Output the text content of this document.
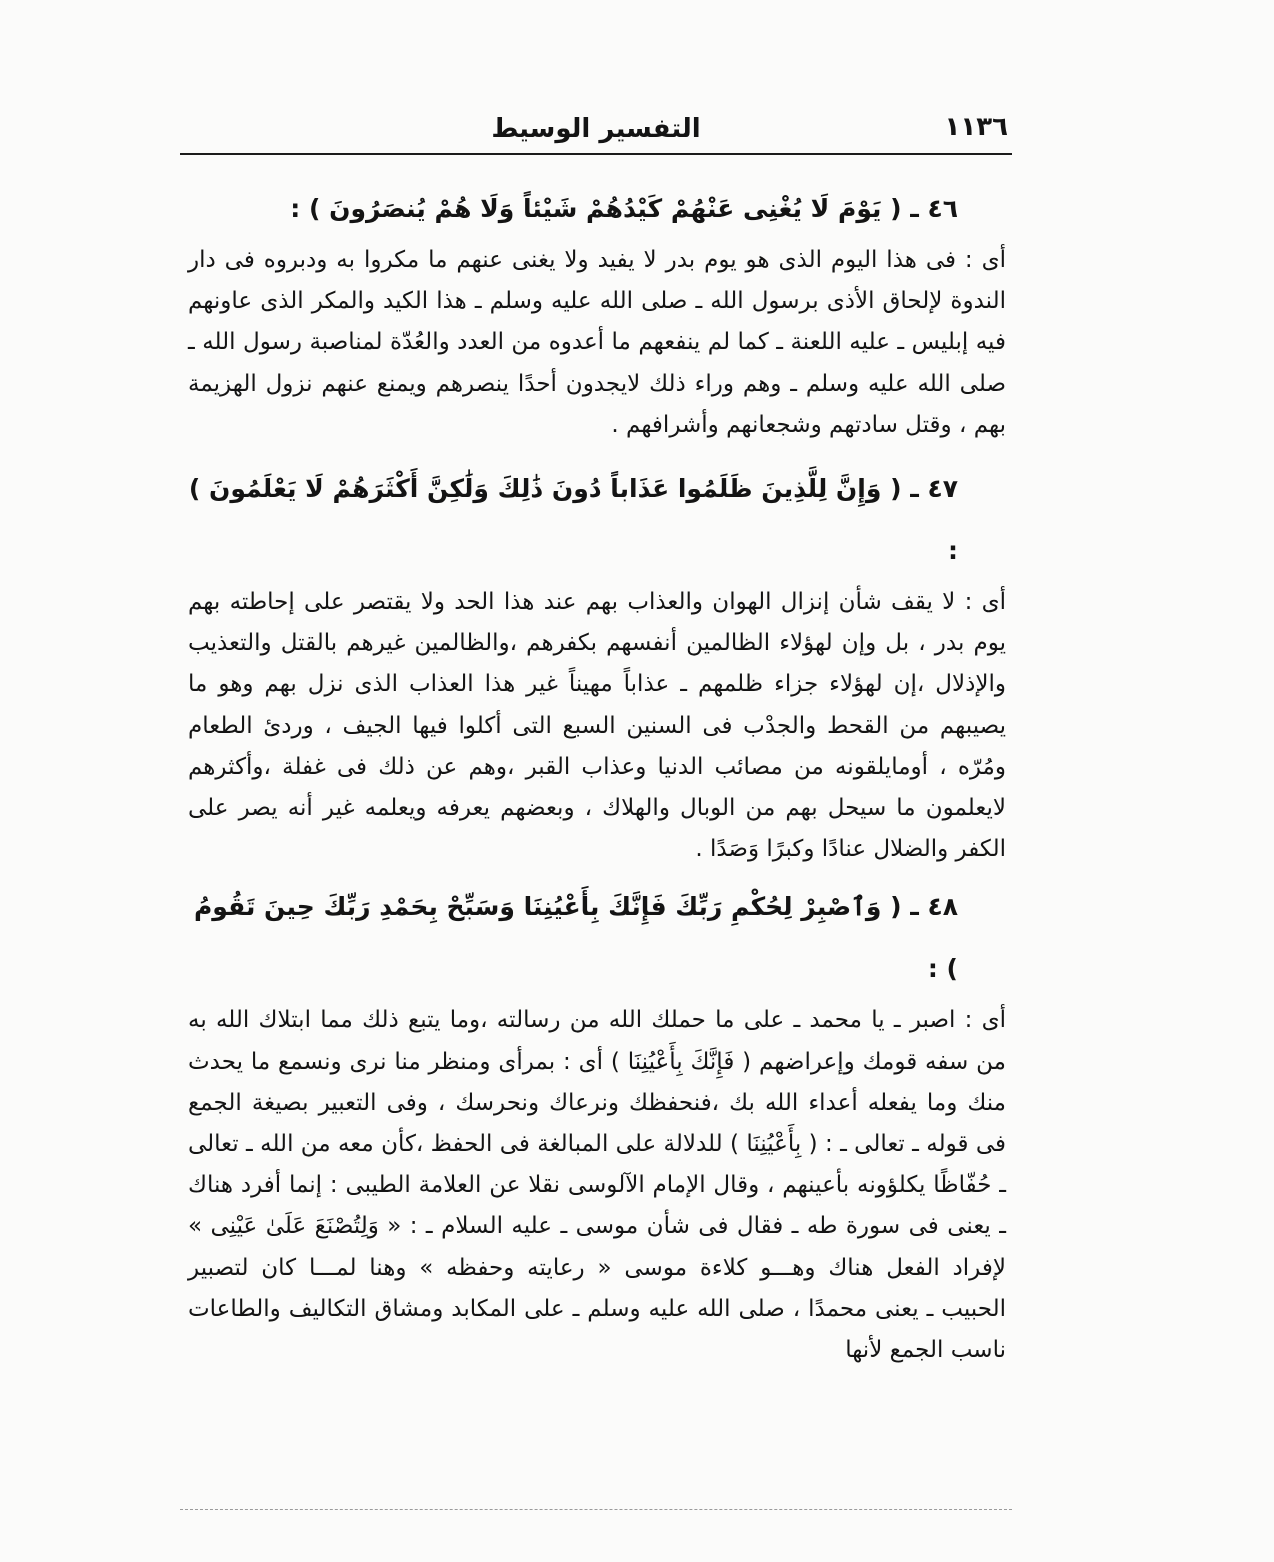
١١٣٦
التفسير الوسيط

٤٦ ـ ( يَوْمَ لَا يُغْنِى عَنْهُمْ كَيْدُهُمْ شَيْئاً وَلَا هُمْ يُنصَرُونَ ) :

أى : فى هذا اليوم الذى هو يوم بدر لا يفيد ولا يغنى عنهم ما مكروا به ودبروه فى دار الندوة لإلحاق الأذى برسول الله ـ صلى الله عليه وسلم ـ هذا الكيد والمكر الذى عاونهم فيه إبليس ـ عليه اللعنة ـ كما لم ينفعهم ما أعدوه من العدد والعُدّة لمناصبة رسول الله ـ صلى الله عليه وسلم ـ وهم وراء ذلك لايجدون أحدًا ينصرهم ويمنع عنهم نزول الهزيمة بهم ، وقتل سادتهم وشجعانهم وأشرافهم .

٤٧ ـ ( وَإِنَّ لِلَّذِينَ ظَلَمُوا عَذَاباً دُونَ ذَٰلِكَ وَلَٰكِنَّ أَكْثَرَهُمْ لَا يَعْلَمُونَ ) :

أى : لا يقف شأن إنزال الهوان والعذاب بهم عند هذا الحد ولا يقتصر على إحاطته بهم يوم بدر ، بل وإن لهؤلاء الظالمين أنفسهم بكفرهم ،والظالمين غيرهم بالقتل والتعذيب والإذلال ،إن لهؤلاء جزاء ظلمهم ـ عذاباً مهيناً غير هذا العذاب الذى نزل بهم وهو ما يصيبهم من القحط والجدْب فى السنين السبع التى أكلوا فيها الجيف ، وردئ الطعام ومُرّه ، أومايلقونه من مصائب الدنيا وعذاب القبر ،وهم عن ذلك فى غفلة ،وأكثرهم لايعلمون ما سيحل بهم من الوبال والهلاك ، وبعضهم يعرفه ويعلمه غير أنه يصر على الكفر والضلال عنادًا وكبرًا وَصَدًا .

٤٨ ـ ( وَٱصْبِرْ لِحُكْمِ رَبِّكَ فَإِنَّكَ بِأَعْيُنِنَا وَسَبِّحْ بِحَمْدِ رَبِّكَ حِينَ تَقُومُ ) :

أى : اصبر ـ يا محمد ـ على ما حملك الله من رسالته ،وما يتبع ذلك مما ابتلاك الله به من سفه قومك وإعراضهم ( فَإِنَّكَ بِأَعْيُنِنَا ) أى : بمرأى ومنظر منا نرى ونسمع ما يحدث منك وما يفعله أعداء الله بك ،فنحفظك ونرعاك ونحرسك ، وفى التعبير بصيغة الجمع فى قوله ـ تعالى ـ : ( بِأَعْيُنِنَا ) للدلالة على المبالغة فى الحفظ ،كأن معه من الله ـ تعالى ـ حُفّاظًا يكلؤونه بأعينهم ، وقال الإمام الآلوسى نقلا عن العلامة الطيبى : إنما أفرد هناك ـ يعنى فى سورة طه ـ فقال فى شأن موسى ـ عليه السلام ـ : « وَلِتُصْنَعَ عَلَىٰ عَيْنِى » لإفراد الفعل هناك وهـــو كلاءة موسى « رعايته وحفظه » وهنا لمـــا كان لتصبير الحبيب ـ يعنى محمدًا ، صلى الله عليه وسلم ـ على المكابد ومشاق التكاليف والطاعات ناسب الجمع لأنها
